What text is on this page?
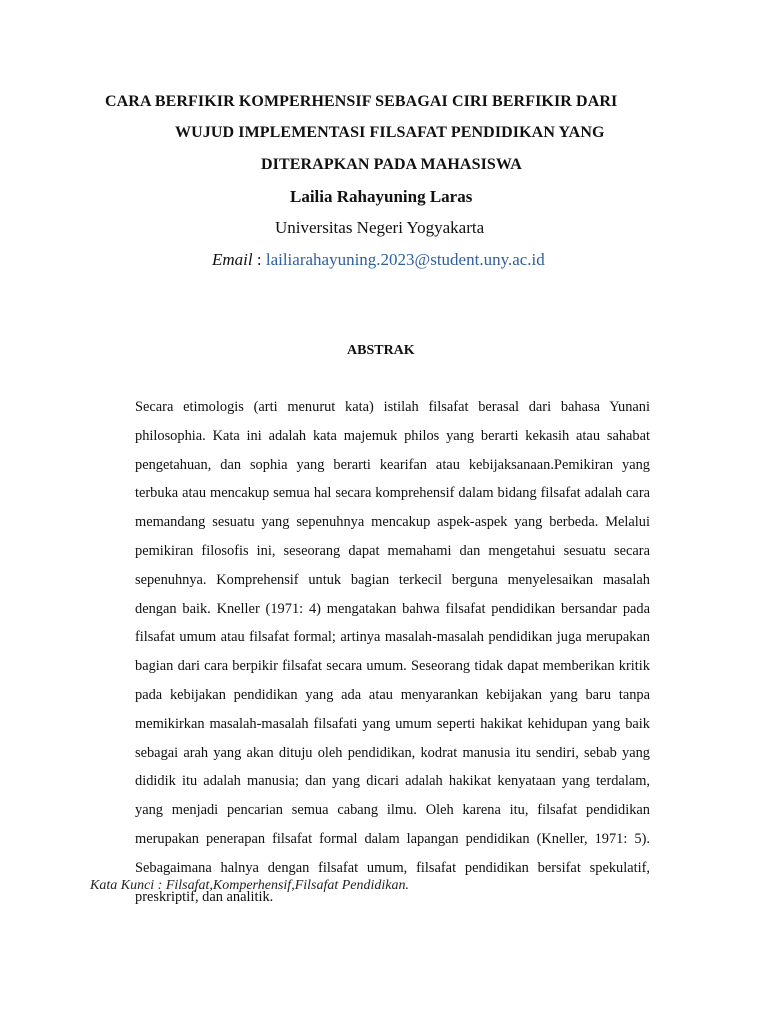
CARA BERFIKIR KOMPERHENSIF SEBAGAI CIRI BERFIKIR DARI
WUJUD IMPLEMENTASI FILSAFAT PENDIDIKAN YANG
DITERAPKAN PADA MAHASISWA
Lailia Rahayuning Laras
Universitas Negeri Yogyakarta
Email : lailiarahayuning.2023@student.uny.ac.id
ABSTRAK

Secara etimologis (arti menurut kata) istilah filsafat berasal dari bahasa Yunani philosophia. Kata ini adalah kata majemuk philos yang berarti kekasih atau sahabat pengetahuan, dan sophia yang berarti kearifan atau kebijaksanaan.Pemikiran yang terbuka atau mencakup semua hal secara komprehensif dalam bidang filsafat adalah cara memandang sesuatu yang sepenuhnya mencakup aspek-aspek yang berbeda. Melalui pemikiran filosofis ini, seseorang dapat memahami dan mengetahui sesuatu secara sepenuhnya. Komprehensif untuk bagian terkecil berguna menyelesaikan masalah dengan baik. Kneller (1971: 4) mengatakan bahwa filsafat pendidikan bersandar pada filsafat umum atau filsafat formal; artinya masalah-masalah pendidikan juga merupakan bagian dari cara berpikir filsafat secara umum. Seseorang tidak dapat memberikan kritik pada kebijakan pendidikan yang ada atau menyarankan kebijakan yang baru tanpa memikirkan masalah-masalah filsafati yang umum seperti hakikat kehidupan yang baik sebagai arah yang akan dituju oleh pendidikan, kodrat manusia itu sendiri, sebab yang dididik itu adalah manusia; dan yang dicari adalah hakikat kenyataan yang terdalam, yang menjadi pencarian semua cabang ilmu. Oleh karena itu, filsafat pendidikan merupakan penerapan filsafat formal dalam lapangan pendidikan (Kneller, 1971: 5). Sebagaimana halnya dengan filsafat umum, filsafat pendidikan bersifat spekulatif, preskriptif, dan analitik.

Kata Kunci : Filsafat,Komperhensif,Filsafat Pendidikan.
